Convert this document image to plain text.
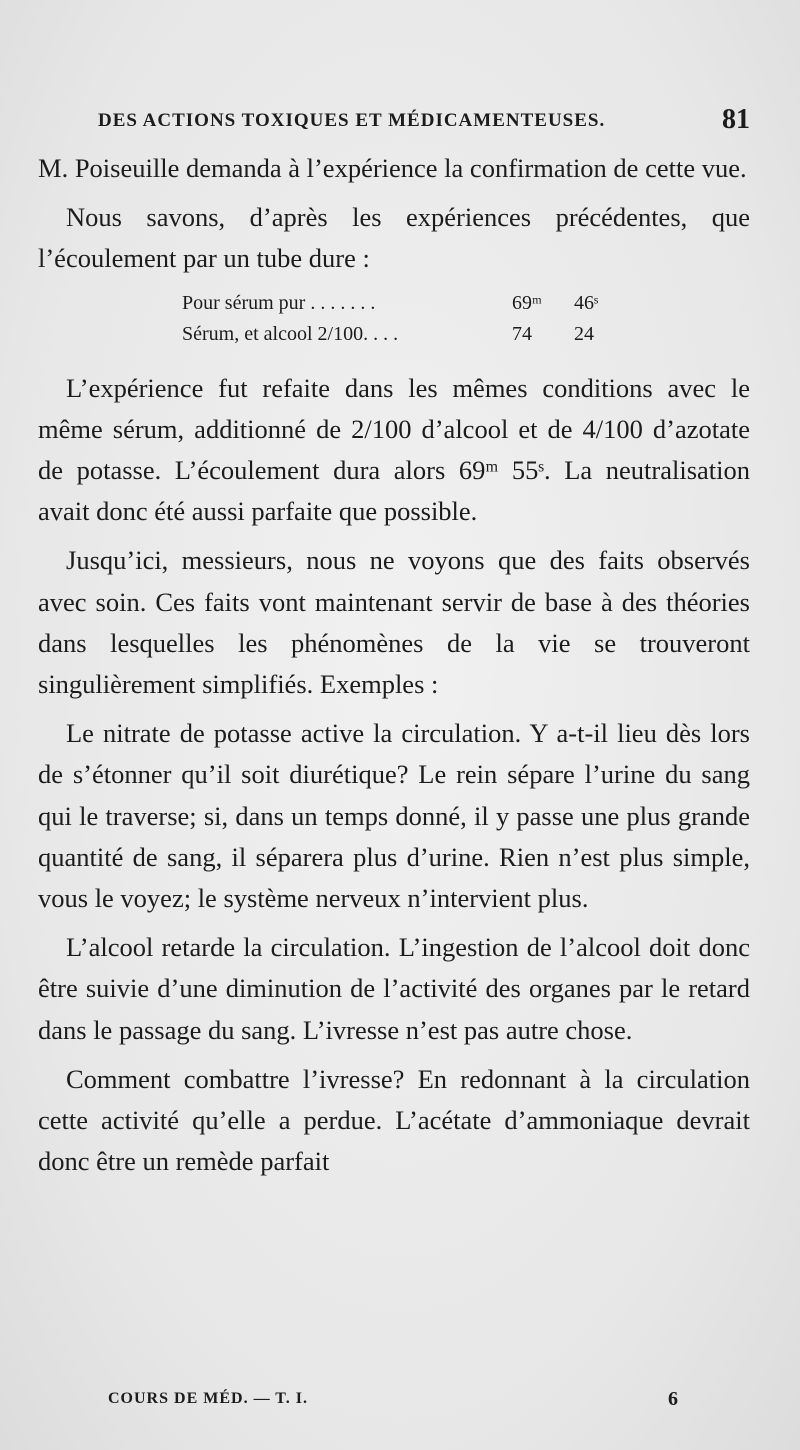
DES ACTIONS TOXIQUES ET MÉDICAMENTEUSES.	81

M. Poiseuille demanda à l’expérience la confirmation de cette vue.

Nous savons, d’après les expériences précédentes, que l’écoulement par un tube dure :

Pour sérum pur . . . . . . .	69ᵐ	46ˢ
Sérum, et alcool 2/100. . . .	74	24

L’expérience fut refaite dans les mêmes conditions avec le même sérum, additionné de 2/100 d’alcool et de 4/100 d’azotate de potasse. L’écoulement dura alors 69ᵐ 55ˢ. La neutralisation avait donc été aussi parfaite que possible.

Jusqu’ici, messieurs, nous ne voyons que des faits observés avec soin. Ces faits vont maintenant servir de base à des théories dans lesquelles les phénomènes de la vie se trouveront singulièrement simplifiés. Exemples :

Le nitrate de potasse active la circulation. Y a-t-il lieu dès lors de s’étonner qu’il soit diurétique? Le rein sépare l’urine du sang qui le traverse; si, dans un temps donné, il y passe une plus grande quantité de sang, il séparera plus d’urine. Rien n’est plus simple, vous le voyez; le système nerveux n’intervient plus.

L’alcool retarde la circulation. L’ingestion de l’alcool doit donc être suivie d’une diminution de l’activité des organes par le retard dans le passage du sang. L’ivresse n’est pas autre chose.

Comment combattre l’ivresse? En redonnant à la circulation cette activité qu’elle a perdue. L’acétate d’ammoniaque devrait donc être un remède parfait

COURS DE MÉD. — T. I.	6
